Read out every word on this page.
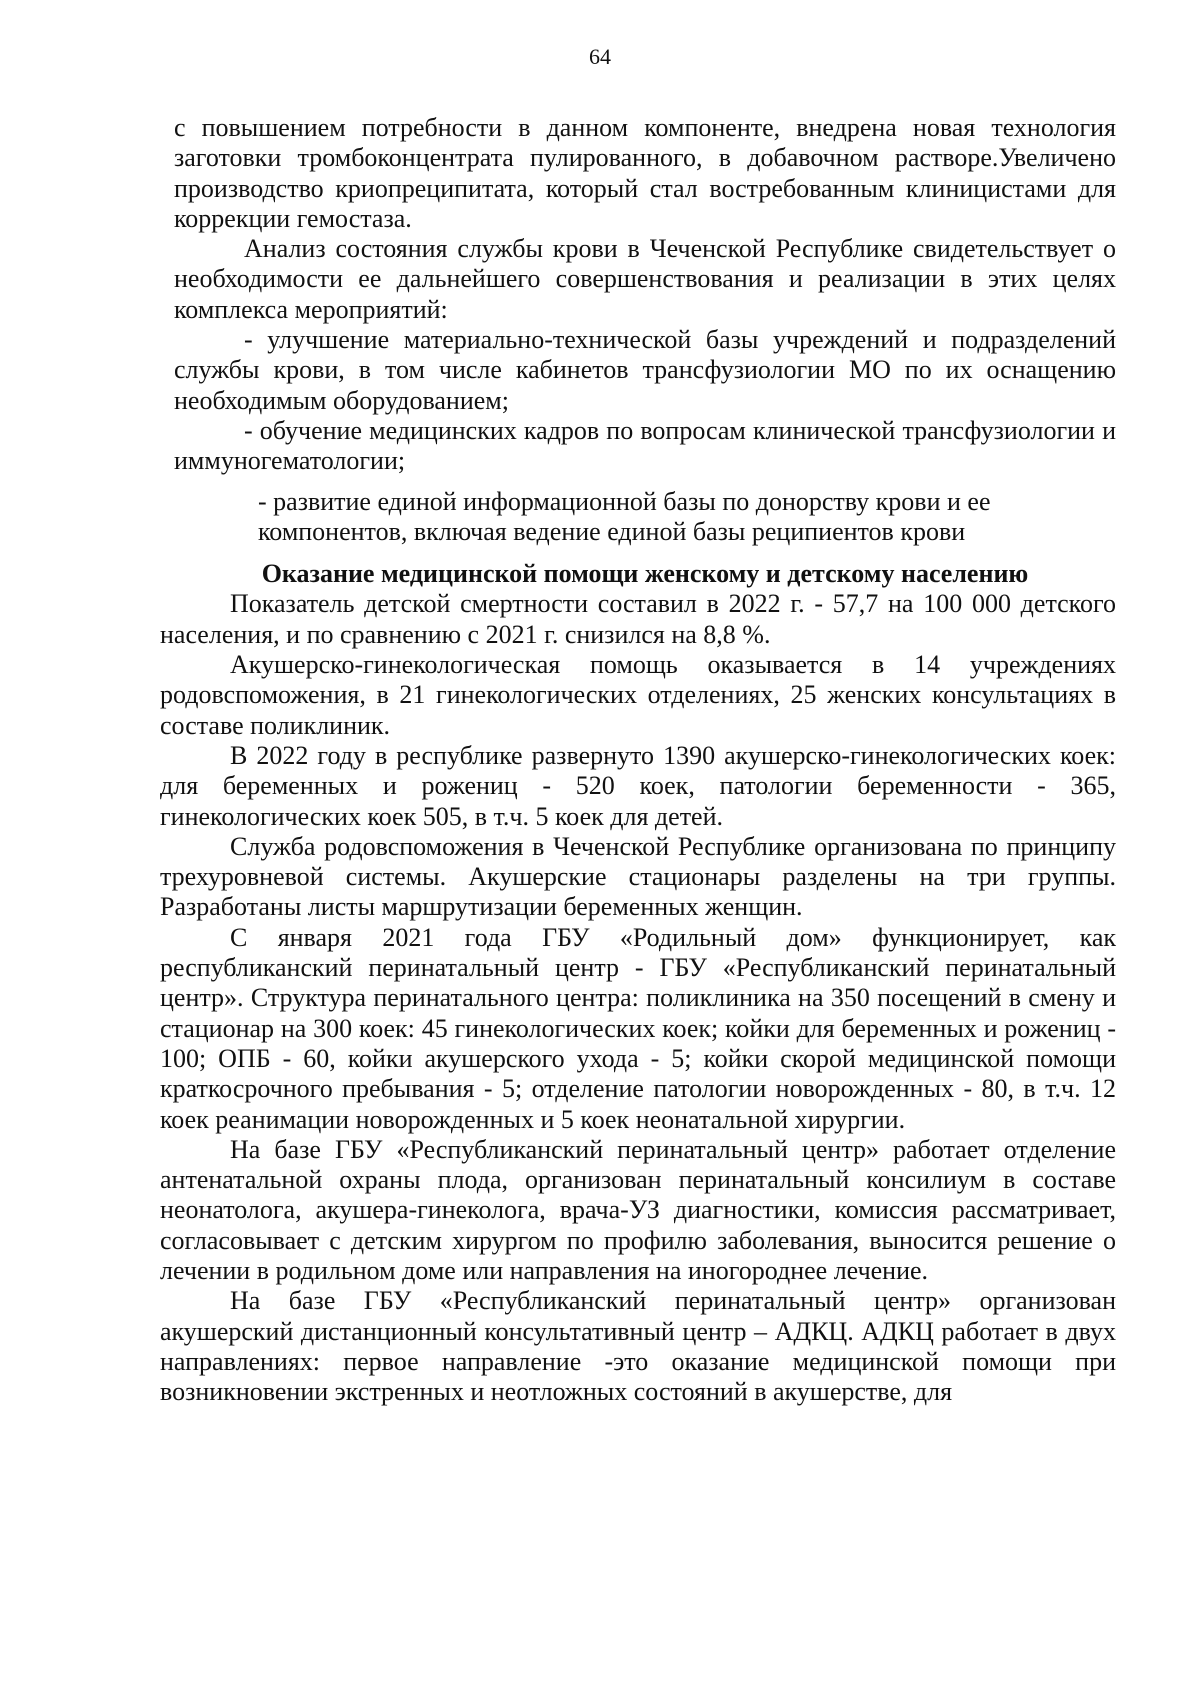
64

с повышением потребности в данном компоненте, внедрена новая технология заготовки тромбоконцентрата пулированного, в добавочном растворе.Увеличено производство криопреципитата, который стал востребованным клиницистами для коррекции гемостаза.

Анализ состояния службы крови в Чеченской Республике свидетельствует о необходимости ее дальнейшего совершенствования и реализации в этих целях комплекса мероприятий:

- улучшение материально-технической базы учреждений и подразделений службы крови, в том числе кабинетов трансфузиологии МО по их оснащению необходимым оборудованием;

- обучение медицинских кадров по вопросам клинической трансфузиологии и иммуногематологии;

- развитие единой информационной базы по донорству крови и ее компонентов, включая ведение единой базы реципиентов крови

Оказание медицинской помощи женскому и детскому населению

Показатель детской смертности составил в 2022 г. - 57,7 на 100 000 детского населения, и по сравнению с 2021 г. снизился на 8,8 %.

Акушерско-гинекологическая помощь оказывается в 14 учреждениях родовспоможения, в 21 гинекологических отделениях, 25 женских консультациях в составе поликлиник.

В 2022 году в республике развернуто 1390 акушерско-гинекологических коек: для беременных и рожениц - 520 коек, патологии беременности - 365, гинекологических коек 505, в т.ч. 5 коек для детей.

Служба родовспоможения в Чеченской Республике организована по принципу трехуровневой системы. Акушерские стационары разделены на три группы. Разработаны листы маршрутизации беременных женщин.

С января 2021 года ГБУ «Родильный дом» функционирует, как республиканский перинатальный центр - ГБУ «Республиканский перинатальный центр». Структура перинатального центра: поликлиника на 350 посещений в смену и стационар на 300 коек: 45 гинекологических коек; койки для беременных и рожениц - 100; ОПБ - 60, койки акушерского ухода - 5; койки скорой медицинской помощи краткосрочного пребывания - 5; отделение патологии новорожденных - 80, в т.ч. 12 коек реанимации новорожденных и 5 коек неонатальной хирургии.

На базе ГБУ «Республиканский перинатальный центр» работает отделение антенатальной охраны плода, организован перинатальный консилиум в составе неонатолога, акушера-гинеколога, врача-УЗ диагностики, комиссия рассматривает, согласовывает с детским хирургом по профилю заболевания, выносится решение о лечении в родильном доме или направления на иногороднее лечение.

На базе ГБУ «Республиканский перинатальный центр» организован акушерский дистанционный консультативный центр – АДКЦ. АДКЦ работает в двух направлениях: первое направление -это оказание медицинской помощи при возникновении экстренных и неотложных состояний в акушерстве, для
